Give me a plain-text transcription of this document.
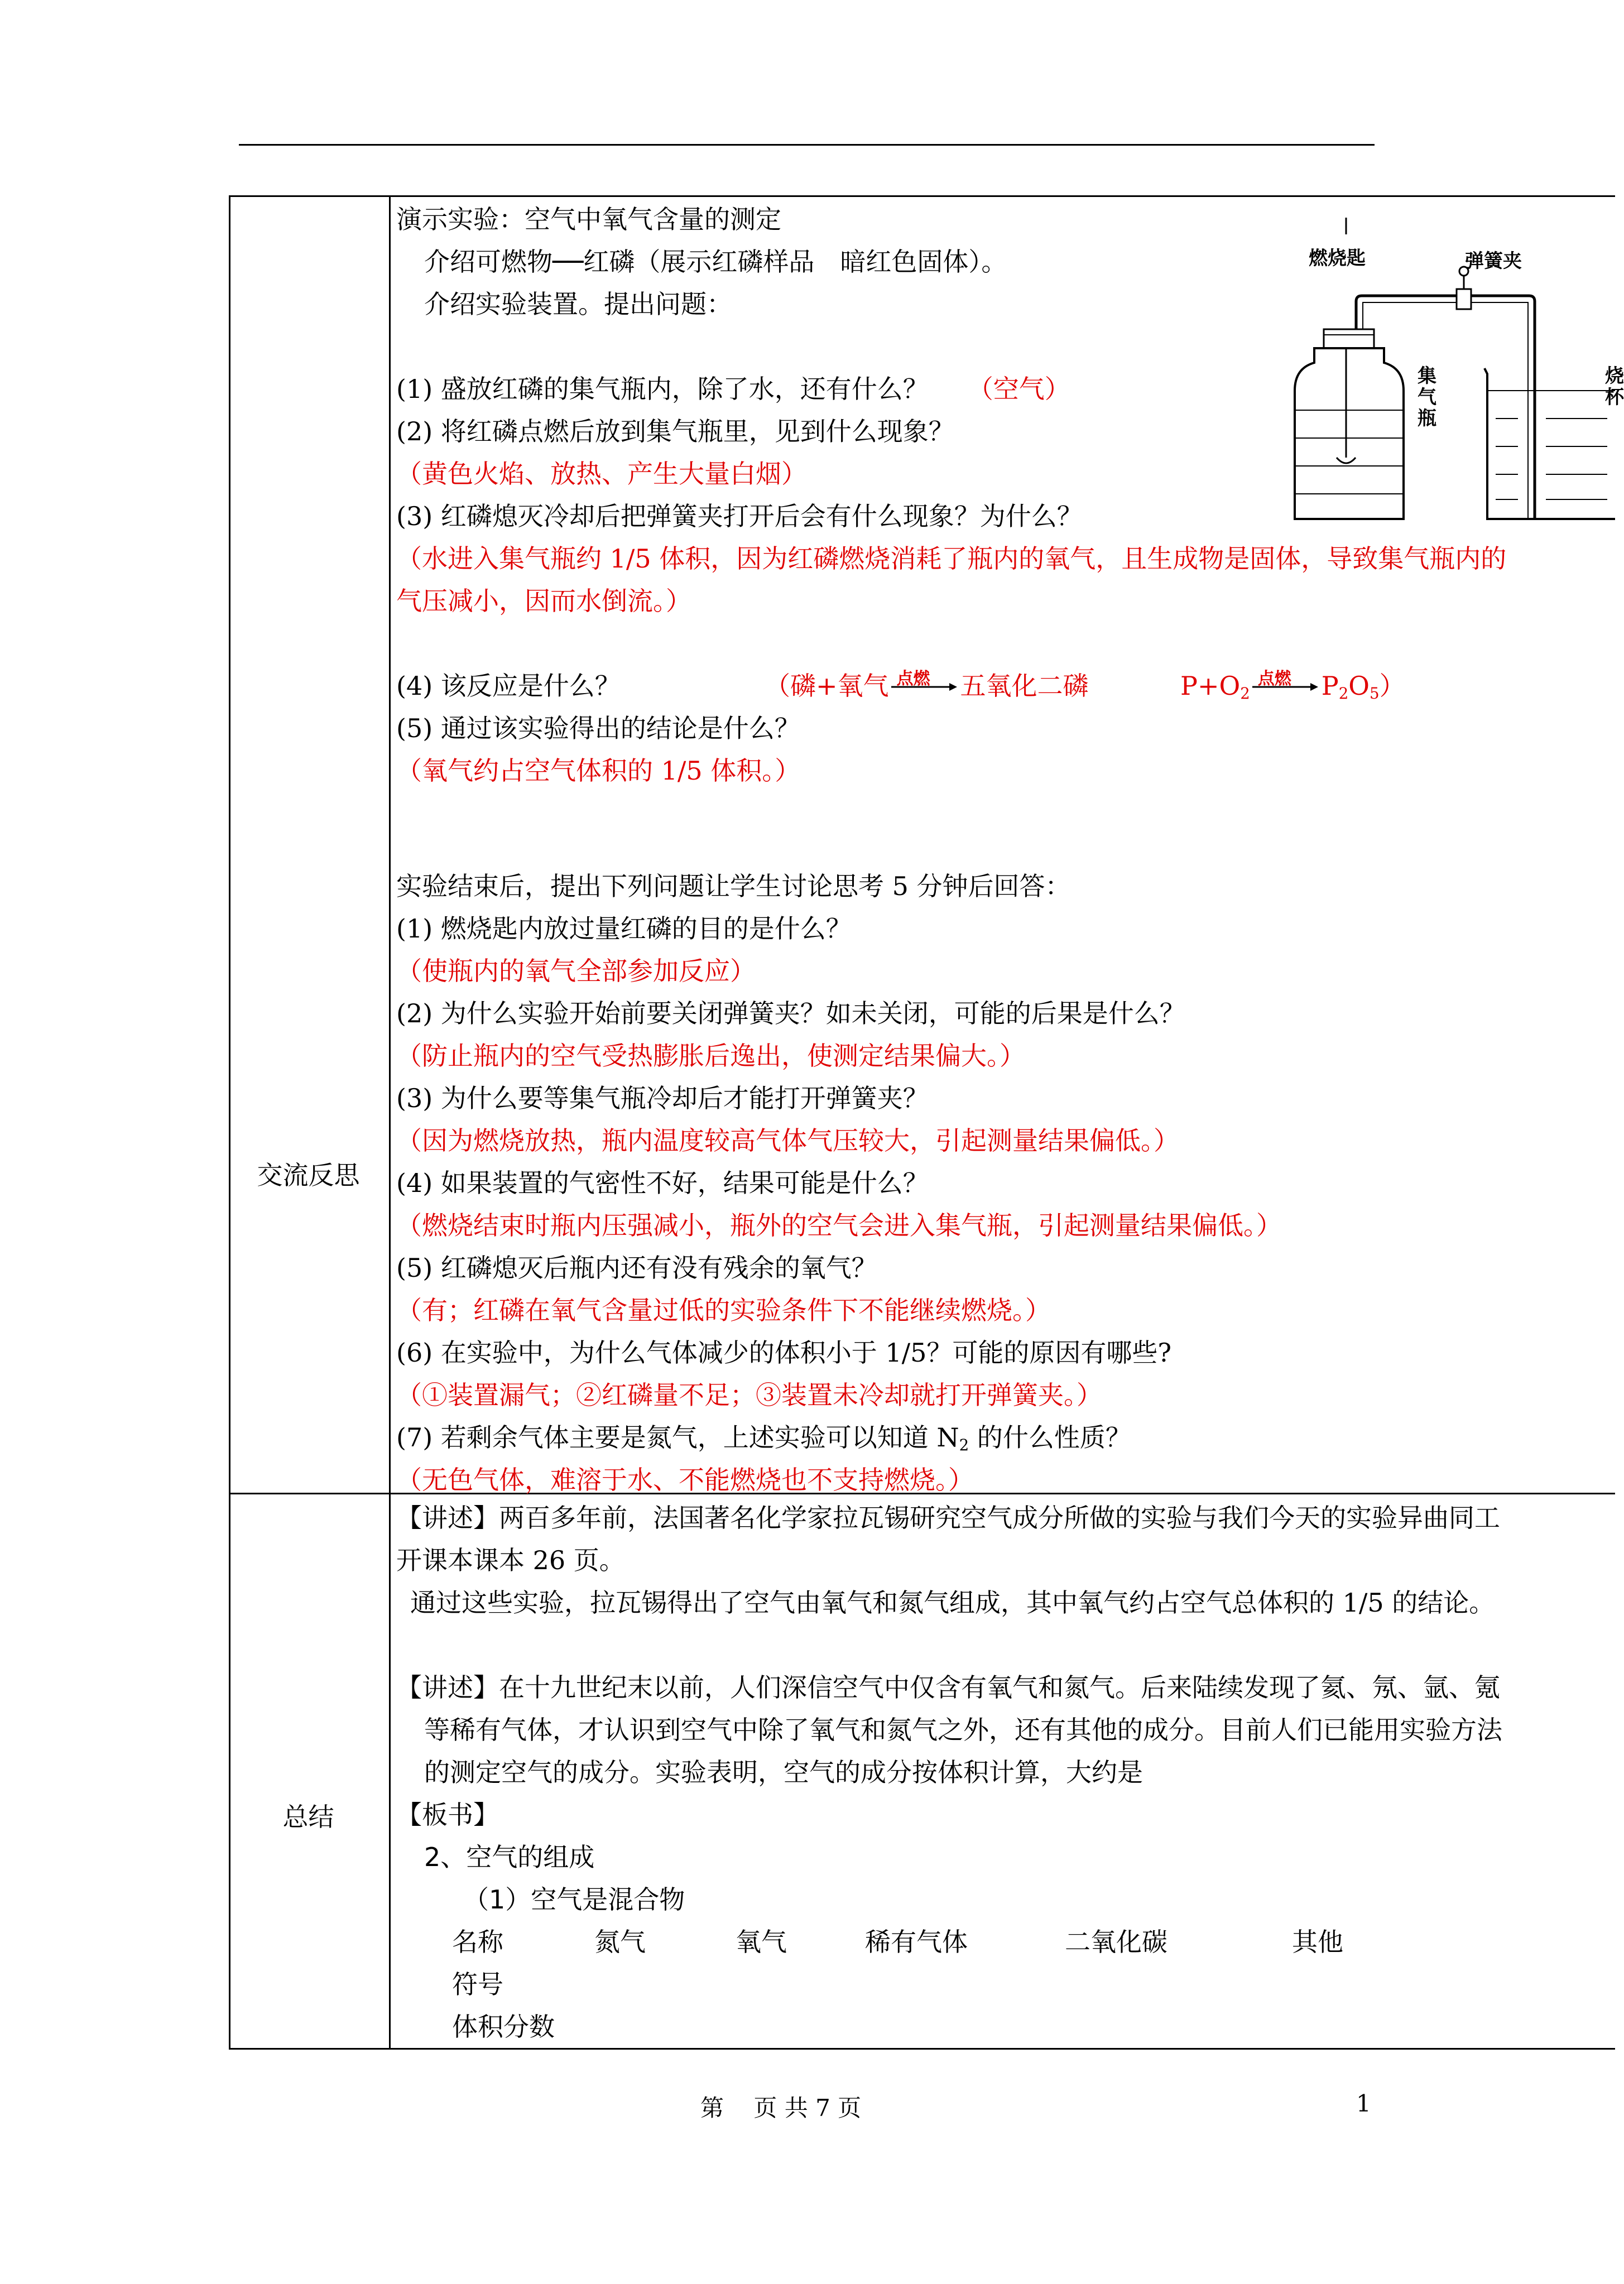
交流反思
演示实验：空气中氧气含量的测定
介绍可燃物──红磷（展示红磷样品　暗红色固体）。
介绍实验装置。提出问题：
(1) 盛放红磷的集气瓶内，除了水，还有什么？ （空气）
(2) 将红磷点燃后放到集气瓶里，见到什么现象？
（黄色火焰、放热、产生大量白烟）
(3) 红磷熄灭冷却后把弹簧夹打开后会有什么现象？为什么？
（水进入集气瓶约 1/5 体积，因为红磷燃烧消耗了瓶内的氧气，且生成物是固体，导致集气瓶内的
气压减小，因而水倒流。）
(4) 该反应是什么？	（磷+氧气 点燃 五氧化二磷	$P+O_2$
点燃 $P_2O_5$）
(5) 通过该实验得出的结论是什么？
（氧气约占空气体积的 1/5 体积。）
实验结束后，提出下列问题让学生讨论思考 5 分钟后回答：
(1) 燃烧匙内放过量红磷的目的是什么？
（使瓶内的氧气全部参加反应）
(2) 为什么实验开始前要关闭弹簧夹？如未关闭，可能的后果是什么？
（防止瓶内的空气受热膨胀后逸出，使测定结果偏大。）
(3) 为什么要等集气瓶冷却后才能打开弹簧夹？
（因为燃烧放热，瓶内温度较高气体气压较大，引起测量结果偏低。）
(4) 如果装置的气密性不好，结果可能是什么？
（燃烧结束时瓶内压强减小，瓶外的空气会进入集气瓶，引起测量结果偏低。）
(5) 红磷熄灭后瓶内还有没有残余的氧气？
（有；红磷在氧气含量过低的实验条件下不能继续燃烧。）
(6) 在实验中，为什么气体减少的体积小于 1/5？可能的原因有哪些?
（①装置漏气；②红磷量不足；③装置未冷却就打开弹簧夹。）
(7) 若剩余气体主要是氮气，上述实验可以知道 $N_2$ 的什么性质？
（无色气体，难溶于水、不能燃烧也不支持燃烧。）
总结
【讲述】两百多年前，法国著名化学家拉瓦锡研究空气成分所做的实验与我们今天的实验异曲同工
开课本课本 26 页。
通过这些实验，拉瓦锡得出了空气由氧气和氮气组成，其中氧气约占空气总体积的 1/5 的结论。
【讲述】在十九世纪末以前，人们深信空气中仅含有氧气和氮气。后来陆续发现了氦、氖、氩、氪
等稀有气体，才认识到空气中除了氧气和氮气之外，还有其他的成分。目前人们已能用实验方法
的测定空气的成分。实验表明，空气的成分按体积计算，大约是
【板书】
2、空气的组成
（1）空气是混合物
名称	氮气	氧气	稀有气体	二氧化碳	其他
符号
体积分数
燃烧匙	弹簧夹
集气瓶
烧杯
第    页 共 7 页	1
